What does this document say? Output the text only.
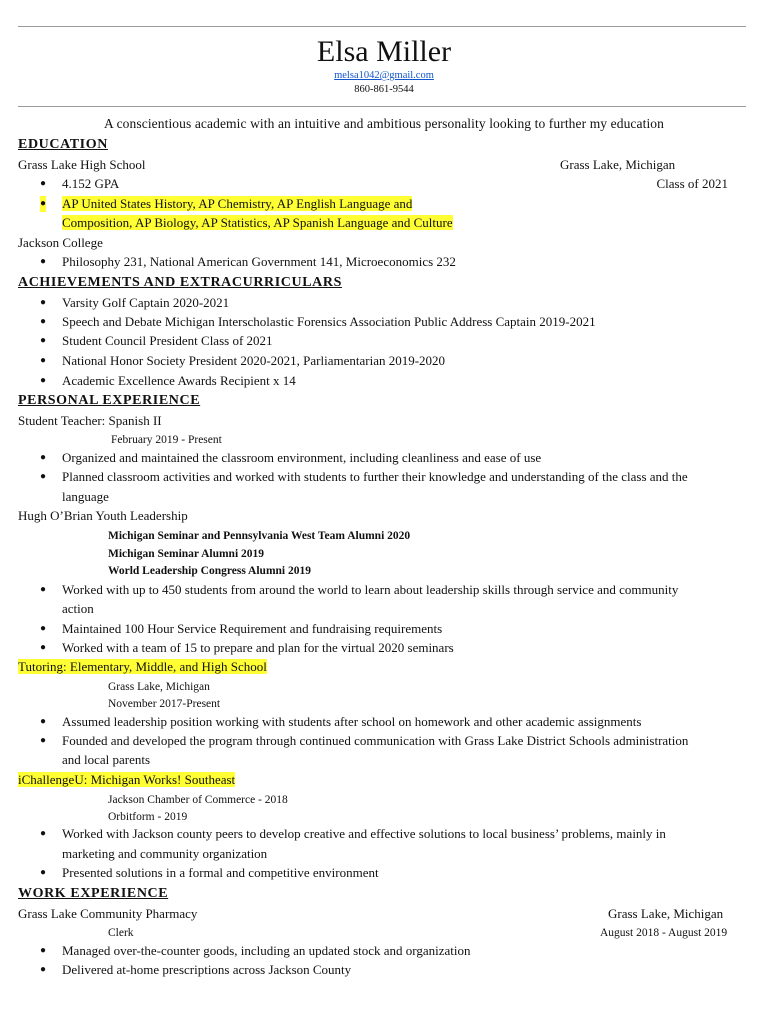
Elsa Miller
melsa1042@gmail.com
860-861-9544
A conscientious academic with an intuitive and ambitious personality looking to further my education
EDUCATION
Grass Lake High School	Grass Lake, Michigan
● 4.152 GPA	Class of 2021
● AP United States History, AP Chemistry, AP English Language and
Composition, AP Biology, AP Statistics, AP Spanish Language and Culture
Jackson College
● Philosophy 231, National American Government 141, Microeconomics 232
ACHIEVEMENTS AND EXTRACURRICULARS
● Varsity Golf Captain 2020-2021
● Speech and Debate Michigan Interscholastic Forensics Association Public Address Captain 2019-2021
● Student Council President Class of 2021
● National Honor Society President 2020-2021, Parliamentarian 2019-2020
● Academic Excellence Awards Recipient x 14
PERSONAL EXPERIENCE
Student Teacher: Spanish II
February 2019 - Present
● Organized and maintained the classroom environment, including cleanliness and ease of use
● Planned classroom activities and worked with students to further their knowledge and understanding of the class and the
language
Hugh O’Brian Youth Leadership
Michigan Seminar and Pennsylvania West Team Alumni 2020
Michigan Seminar Alumni 2019
World Leadership Congress Alumni 2019
● Worked with up to 450 students from around the world to learn about leadership skills through service and community
action
● Maintained 100 Hour Service Requirement and fundraising requirements
● Worked with a team of 15 to prepare and plan for the virtual 2020 seminars
Tutoring: Elementary, Middle, and High School
Grass Lake, Michigan
November 2017-Present
● Assumed leadership position working with students after school on homework and other academic assignments
● Founded and developed the program through continued communication with Grass Lake District Schools administration
and local parents
iChallengeU: Michigan Works! Southeast
Jackson Chamber of Commerce - 2018
Orbitform - 2019
● Worked with Jackson county peers to develop creative and effective solutions to local business’ problems, mainly in
marketing and community organization
● Presented solutions in a formal and competitive environment
WORK EXPERIENCE
Grass Lake Community Pharmacy	Grass Lake, Michigan
Clerk	August 2018 - August 2019
● Managed over-the-counter goods, including an updated stock and organization
● Delivered at-home prescriptions across Jackson County
